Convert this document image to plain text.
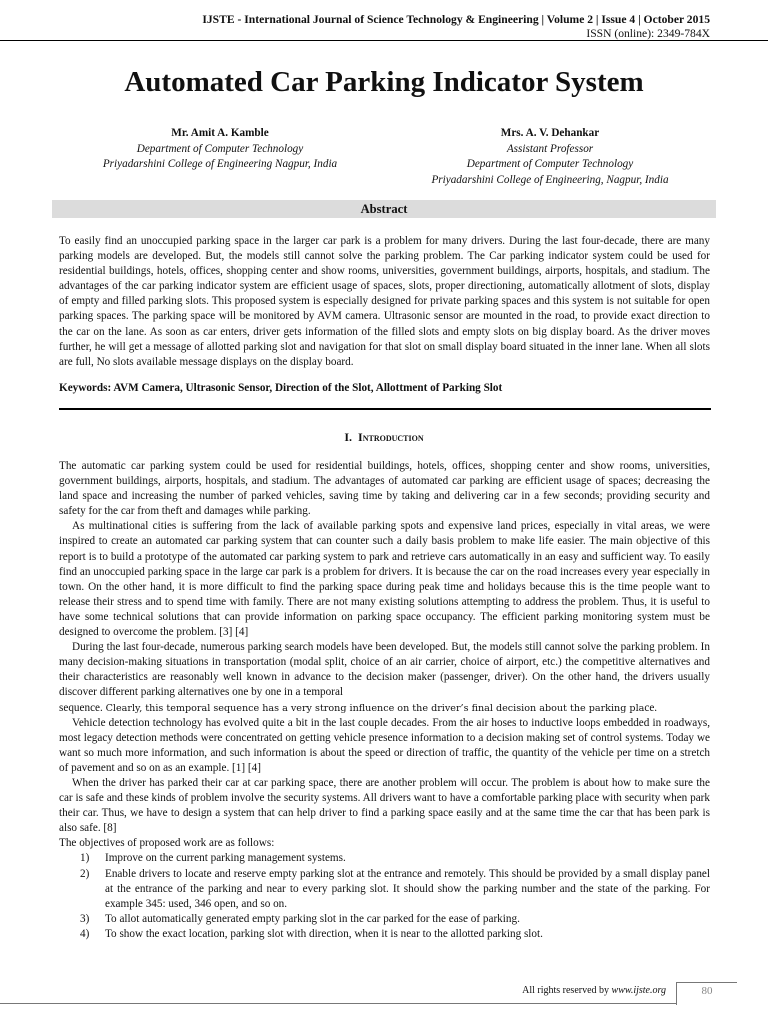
IJSTE - International Journal of Science Technology & Engineering | Volume 2 | Issue 4 | October 2015
ISSN (online): 2349-784X
Automated Car Parking Indicator System
Mr. Amit A. Kamble
Department of Computer Technology
Priyadarshini College of Engineering Nagpur, India
Mrs. A. V. Dehankar
Assistant Professor
Department of Computer Technology
Priyadarshini College of Engineering, Nagpur, India
Abstract
To easily find an unoccupied parking space in the larger car park is a problem for many drivers. During the last four-decade, there are many parking models are developed. But, the models still cannot solve the parking problem. The Car parking indicator system could be used for residential buildings, hotels, offices, shopping center and show rooms, universities, government buildings, airports, hospitals, and stadium. The advantages of the car parking indicator system are efficient usage of spaces, slots, proper directioning, automatically allotment of slots, display of empty and filled parking slots. This proposed system is especially designed for private parking spaces and this system is not suitable for open parking spaces. The parking space will be monitored by AVM camera. Ultrasonic sensor are mounted in the road, to provide exact direction to the car on the lane. As soon as car enters, driver gets information of the filled slots and empty slots on big display board. As the driver moves further, he will get a message of allotted parking slot and navigation for that slot on small display board situated in the inner lane. When all slots are full, No slots available message displays on the display board.
Keywords: AVM Camera, Ultrasonic Sensor, Direction of the Slot, Allottment of Parking Slot
I. Introduction

The automatic car parking system could be used for residential buildings, hotels, offices, shopping center and show rooms, universities, government buildings, airports, hospitals, and stadium. The advantages of automated car parking are efficient usage of spaces; decreasing the land space and increasing the number of parked vehicles, saving time by taking and delivering car in a few seconds; providing security and safety for the car from theft and damages while parking.

As multinational cities is suffering from the lack of available parking spots and expensive land prices, especially in vital areas, we were inspired to create an automated car parking system that can counter such a daily basis problem to make life easier. The main objective of this report is to build a prototype of the automated car parking system to park and retrieve cars automatically in an easy and sufficient way. To easily find an unoccupied parking space in the large car park is a problem for drivers. It is because the car on the road increases every year especially in town. On the other hand, it is more difficult to find the parking space during peak time and holidays because this is the time people want to release their stress and to spend time with family. There are not many existing solutions attempting to address the problem. Thus, it is useful to have some technical solutions that can provide information on parking space occupancy. The efficient parking monitoring system must be designed to overcome the problem. [3] [4]

During the last four-decade, numerous parking search models have been developed. But, the models still cannot solve the parking problem. In many decision-making situations in transportation (modal split, choice of an air carrier, choice of airport, etc.) the competitive alternatives and their characteristics are reasonably well known in advance to the decision maker (passenger, driver). On the other hand, the drivers usually discover different parking alternatives one by one in a temporal

sequence. Clearly, this temporal sequence has a very strong influence on the driver’s final decision about the parking place.

Vehicle detection technology has evolved quite a bit in the last couple decades. From the air hoses to inductive loops embedded in roadways, most legacy detection methods were concentrated on getting vehicle presence information to a decision making set of control systems. Today we want so much more information, and such information is about the speed or direction of traffic, the quantity of the vehicle per time on a stretch of pavement and so on as an example. [1] [4]

When the driver has parked their car at car parking space, there are another problem will occur. The problem is about how to make sure the car is safe and these kinds of problem involve the security systems. All drivers want to have a comfortable parking place with security when park their car. Thus, we have to design a system that can help driver to find a parking space easily and at the same time the car that has been park is also safe. [8]

The objectives of proposed work are as follows:

1) Improve on the current parking management systems.
2) Enable drivers to locate and reserve empty parking slot at the entrance and remotely. This should be provided by a small display panel at the entrance of the parking and near to every parking slot. It should show the parking number and the state of the parking. For example 345: used, 346 open, and so on.
3) To allot automatically generated empty parking slot in the car parked for the ease of parking.
4) To show the exact location, parking slot with direction, when it is near to the allotted parking slot.
All rights reserved by www.ijste.org	80
